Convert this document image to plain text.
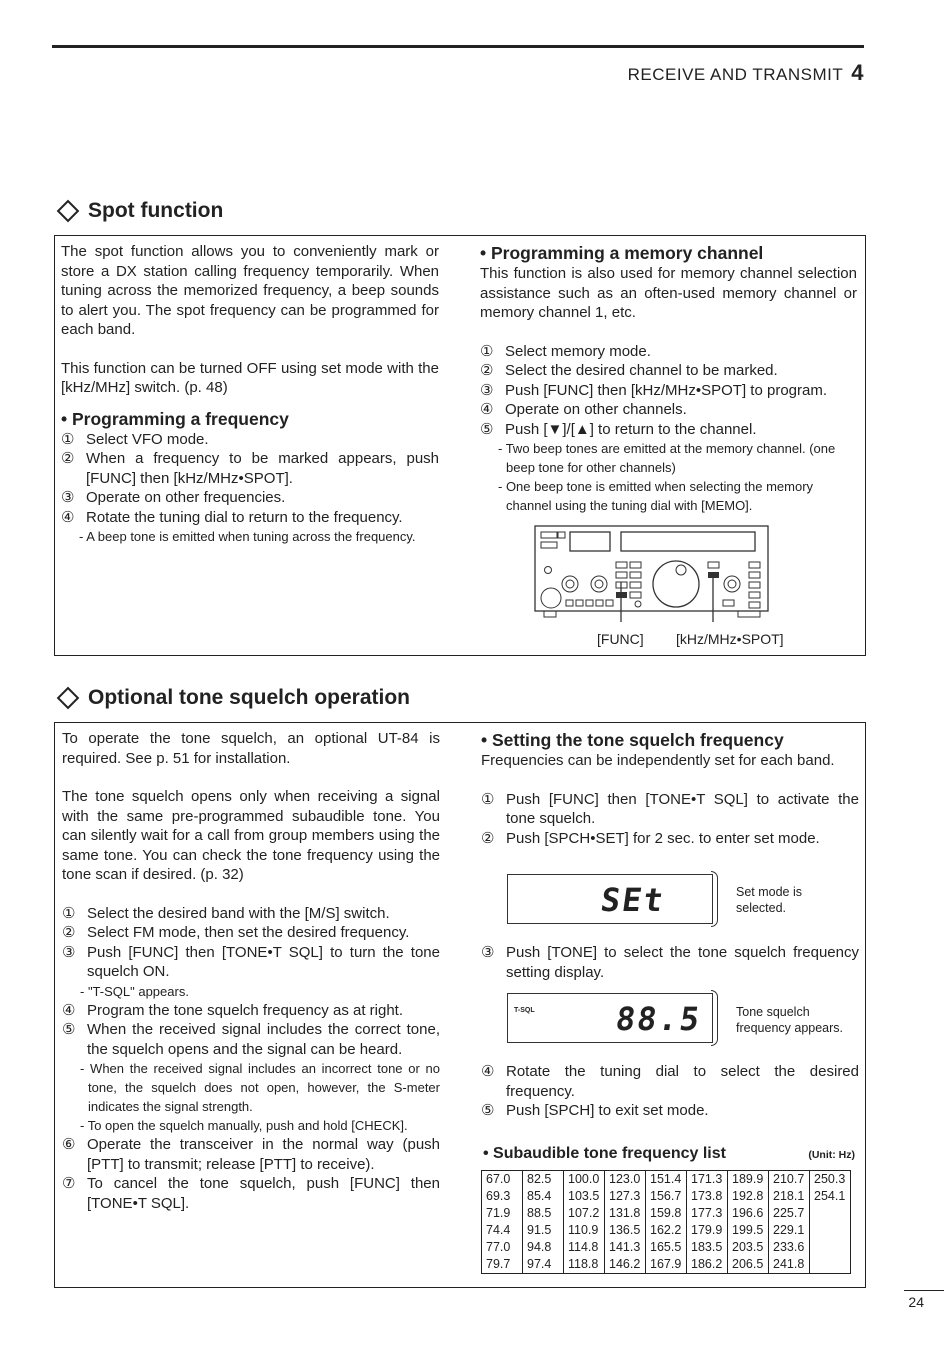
RECEIVE AND TRANSMIT 4
Spot function

The spot function allows you to conveniently mark or store a DX station calling frequency temporarily. When tuning across the memorized frequency, a beep sounds to alert you. The spot frequency can be programmed for each band.

This function can be turned OFF using set mode with the [kHz/MHz] switch. (p. 48)

• Programming a frequency

① Select VFO mode.

② When a frequency to be marked appears, push [FUNC] then [kHz/MHz•SPOT].

③ Operate on other frequencies.

④ Rotate the tuning dial to return to the frequency.

- A beep tone is emitted when tuning across the frequency.

• Programming a memory channel

This function is also used for memory channel selection assistance such as an often-used memory channel or memory channel 1, etc.

① Select memory mode.

② Select the desired channel to be marked.

③ Push [FUNC] then [kHz/MHz•SPOT] to program.

④ Operate on other channels.

⑤ Push [▼]/[▲] to return to the channel.

- Two beep tones are emitted at the memory channel. (one beep tone for other channels)

- One beep tone is emitted when selecting the memory channel using the tuning dial with [MEMO].

[FUNC] [kHz/MHz•SPOT]
Optional tone squelch operation

To operate the tone squelch, an optional UT-84 is required. See p. 51 for installation.

The tone squelch opens only when receiving a signal with the same pre-programmed subaudible tone. You can silently wait for a call from group members using the same tone. You can check the tone frequency using the tone scan if desired. (p. 32)

① Select the desired band with the [M/S] switch.

② Select FM mode, then set the desired frequency.

③ Push [FUNC] then [TONE•T SQL] to turn the tone squelch ON.

- "T-SQL" appears.

④ Program the tone squelch frequency as at right.

⑤ When the received signal includes the correct tone, the squelch opens and the signal can be heard.

- When the received signal includes an incorrect tone or no tone, the squelch does not open, however, the S-meter indicates the signal strength.

- To open the squelch manually, push and hold [CHECK].

⑥ Operate the transceiver in the normal way (push [PTT] to transmit; release [PTT] to receive).

⑦ To cancel the tone squelch, push [FUNC] then [TONE•T SQL].

• Setting the tone squelch frequency

Frequencies can be independently set for each band.

① Push [FUNC] then [TONE•T SQL] to activate the tone squelch.

② Push [SPCH•SET] for 2 sec. to enter set mode.

SEt	Set mode is selected.

③ Push [TONE] to select the tone squelch frequency setting display.

T-SQL 88.5	Tone squelch frequency appears.

④ Rotate the tuning dial to select the desired frequency.

⑤ Push [SPCH] to exit set mode.

• Subaudible tone frequency list	(Unit: Hz)
67.0	82.5	100.0	123.0	151.4	171.3	189.9	210.7	250.3
69.3	85.4	103.5	127.3	156.7	173.8	192.8	218.1	254.1
71.9	88.5	107.2	131.8	159.8	177.3	196.6	225.7	
74.4	91.5	110.9	136.5	162.2	179.9	199.5	229.1	
77.0	94.8	114.8	141.3	165.5	183.5	203.5	233.6	
79.7	97.4	118.8	146.2	167.9	186.2	206.5	241.8	
24
